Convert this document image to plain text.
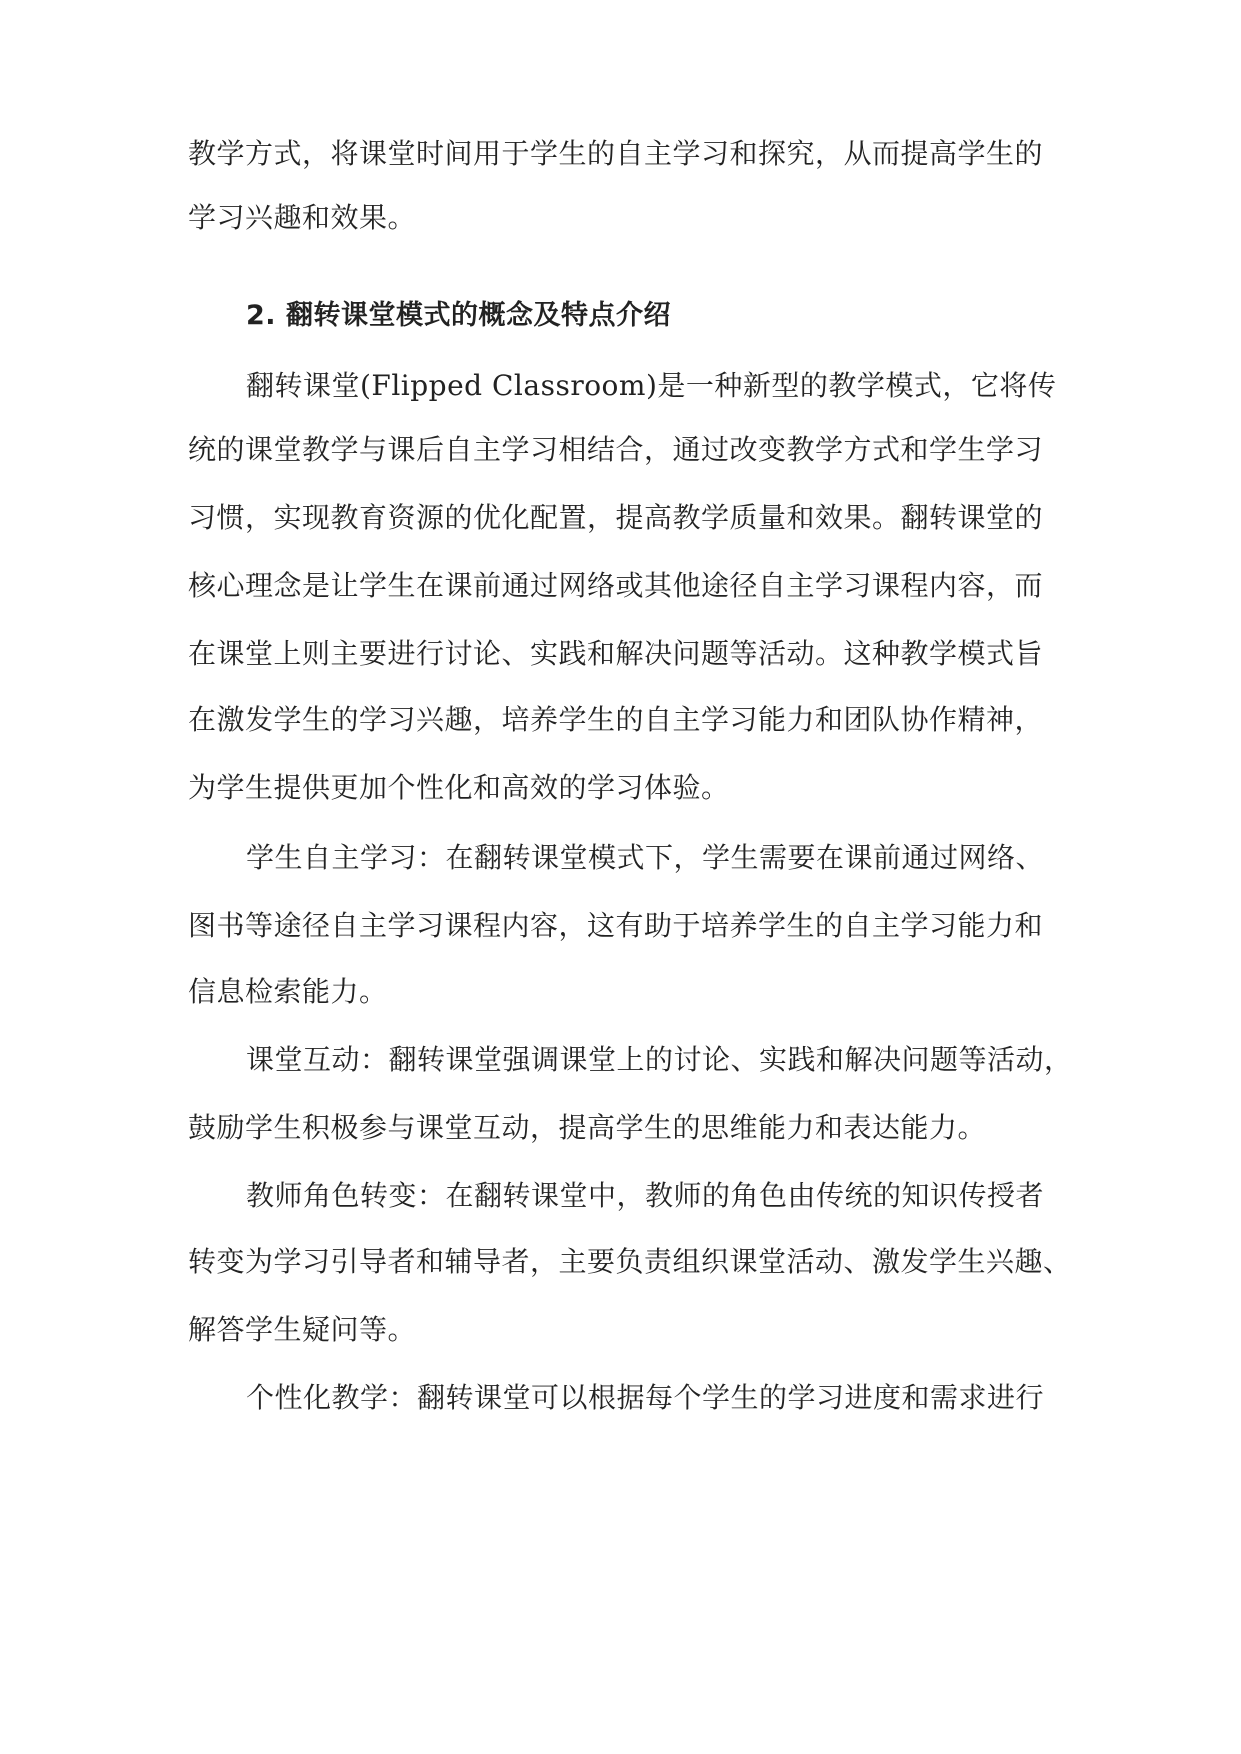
教学方式，将课堂时间用于学生的自主学习和探究，从而提高学生的
学习兴趣和效果。
2. 翻转课堂模式的概念及特点介绍
翻转课堂(Flipped Classroom)是一种新型的教学模式，它将传
统的课堂教学与课后自主学习相结合，通过改变教学方式和学生学习
习惯，实现教育资源的优化配置，提高教学质量和效果。翻转课堂的
核心理念是让学生在课前通过网络或其他途径自主学习课程内容，而
在课堂上则主要进行讨论、实践和解决问题等活动。这种教学模式旨
在激发学生的学习兴趣，培养学生的自主学习能力和团队协作精神，
为学生提供更加个性化和高效的学习体验。
学生自主学习：在翻转课堂模式下，学生需要在课前通过网络、
图书等途径自主学习课程内容，这有助于培养学生的自主学习能力和
信息检索能力。
课堂互动：翻转课堂强调课堂上的讨论、实践和解决问题等活动，
鼓励学生积极参与课堂互动，提高学生的思维能力和表达能力。
教师角色转变：在翻转课堂中，教师的角色由传统的知识传授者
转变为学习引导者和辅导者，主要负责组织课堂活动、激发学生兴趣、
解答学生疑问等。
个性化教学：翻转课堂可以根据每个学生的学习进度和需求进行
